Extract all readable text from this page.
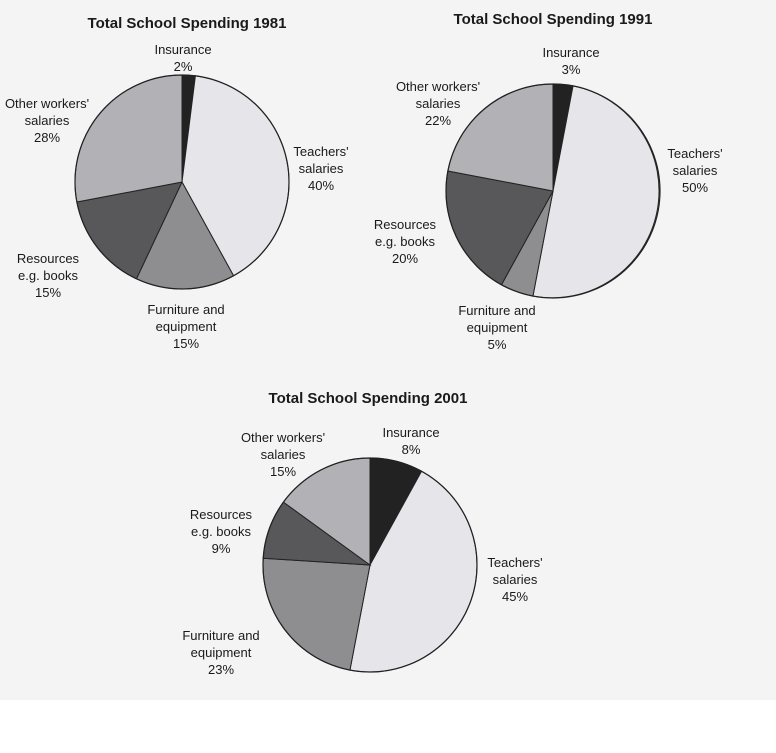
Total School Spending 1981	Total School Spending 1991
Total School Spending 2001
Insurance 2%
Teachers' salaries 40%
Furniture and equipment 15%
Resources e.g. books 15%
Other workers' salaries 28%
Insurance 3%
Teachers' salaries 50%
Furniture and equipment 5%
Resources e.g. books 20%
Other workers' salaries 22%
Insurance 8%
Teachers' salaries 45%
Furniture and equipment 23%
Resources e.g. books 9%
Other workers' salaries 15%
